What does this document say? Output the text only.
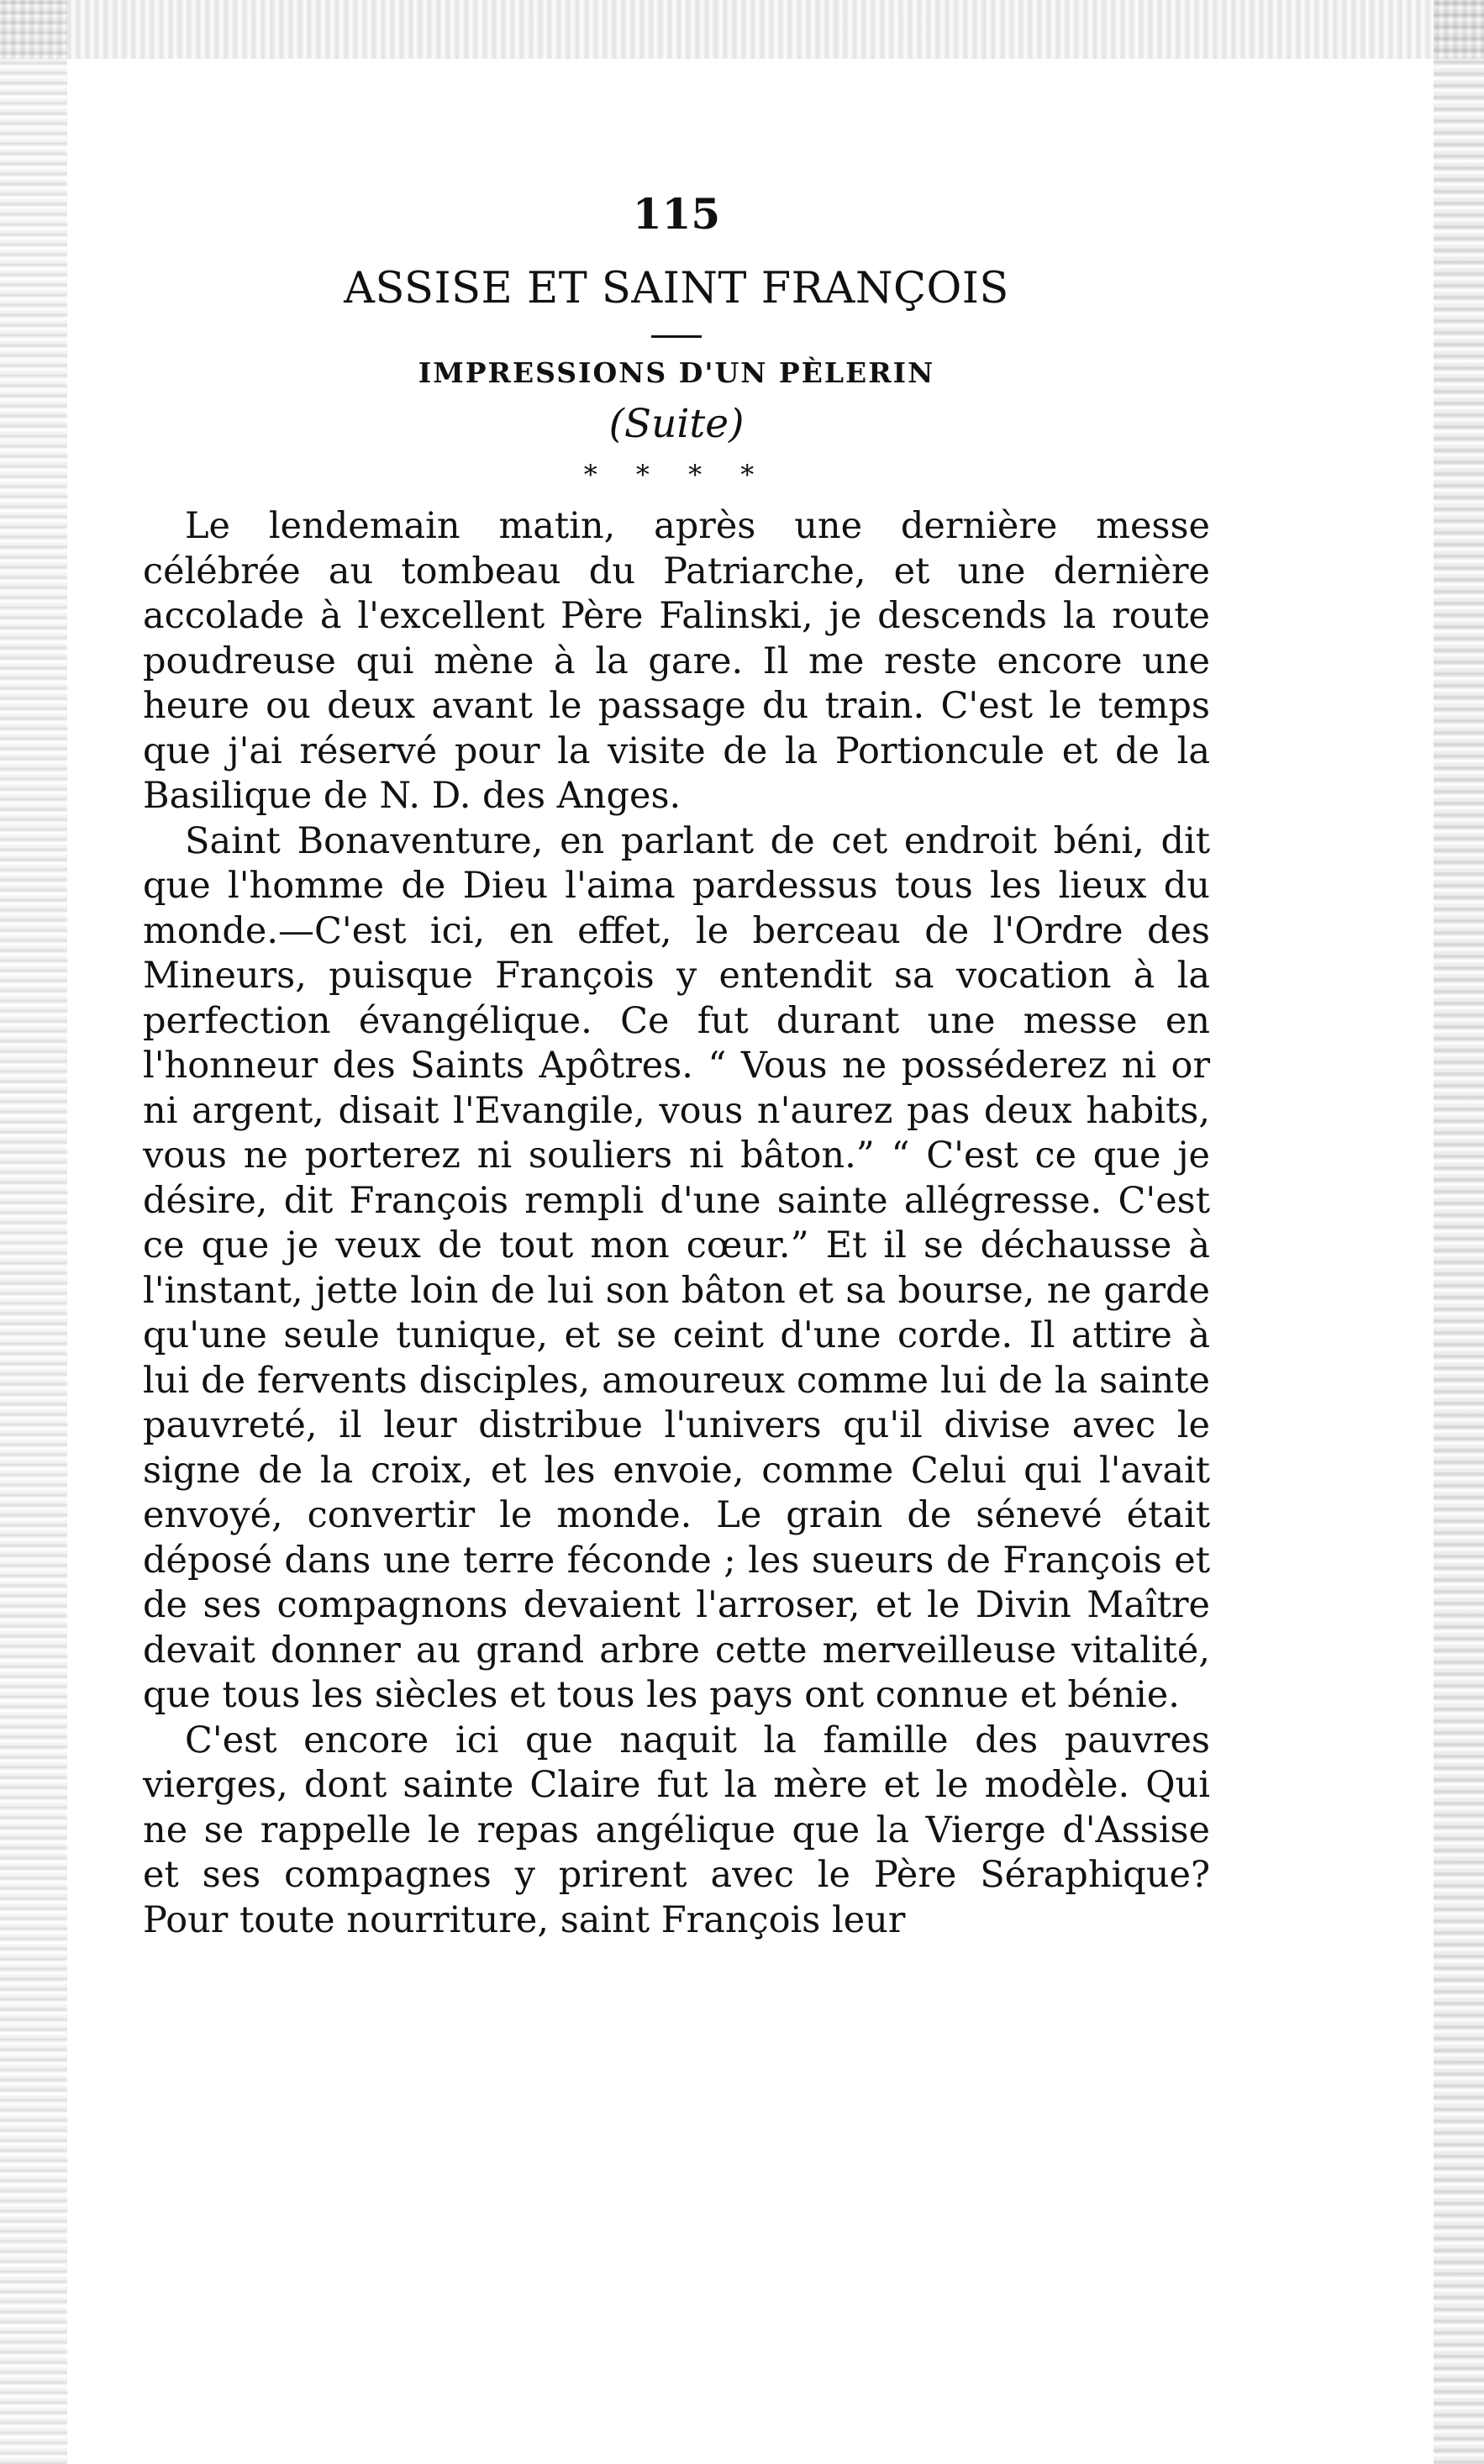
115
ASSISE ET SAINT FRANÇOIS
IMPRESSIONS D'UN PÈLERIN
(Suite)
* * * *

Le lendemain matin, après une dernière messe célébrée au tombeau du Patriarche, et une dernière accolade à l'excellent Père Falinski, je descends la route poudreuse qui mène à la gare. Il me reste encore une heure ou deux avant le passage du train. C'est le temps que j'ai réservé pour la visite de la Portioncule et de la Basilique de N. D. des Anges.

Saint Bonaventure, en parlant de cet endroit béni, dit que l'homme de Dieu l'aima pardessus tous les lieux du monde.—C'est ici, en effet, le berceau de l'Ordre des Mineurs, puisque François y entendit sa vocation à la perfection évangélique. Ce fut durant une messe en l'honneur des Saints Apôtres. “ Vous ne posséderez ni or ni argent, disait l'Evangile, vous n'aurez pas deux habits, vous ne porterez ni souliers ni bâton.” “ C'est ce que je désire, dit François rempli d'une sainte allégresse. C'est ce que je veux de tout mon cœur.” Et il se déchausse à l'instant, jette loin de lui son bâton et sa bourse, ne garde qu'une seule tunique, et se ceint d'une corde. Il attire à lui de fervents disciples, amoureux comme lui de la sainte pauvreté, il leur distribue l'univers qu'il divise avec le signe de la croix, et les envoie, comme Celui qui l'avait envoyé, convertir le monde. Le grain de sénevé était déposé dans une terre féconde ; les sueurs de François et de ses compagnons devaient l'arroser, et le Divin Maître devait donner au grand arbre cette merveilleuse vitalité, que tous les siècles et tous les pays ont connue et bénie.

C'est encore ici que naquit la famille des pauvres vierges, dont sainte Claire fut la mère et le modèle. Qui ne se rappelle le repas angélique que la Vierge d'Assise et ses compagnes y prirent avec le Père Séraphique? Pour toute nourriture, saint François leur
